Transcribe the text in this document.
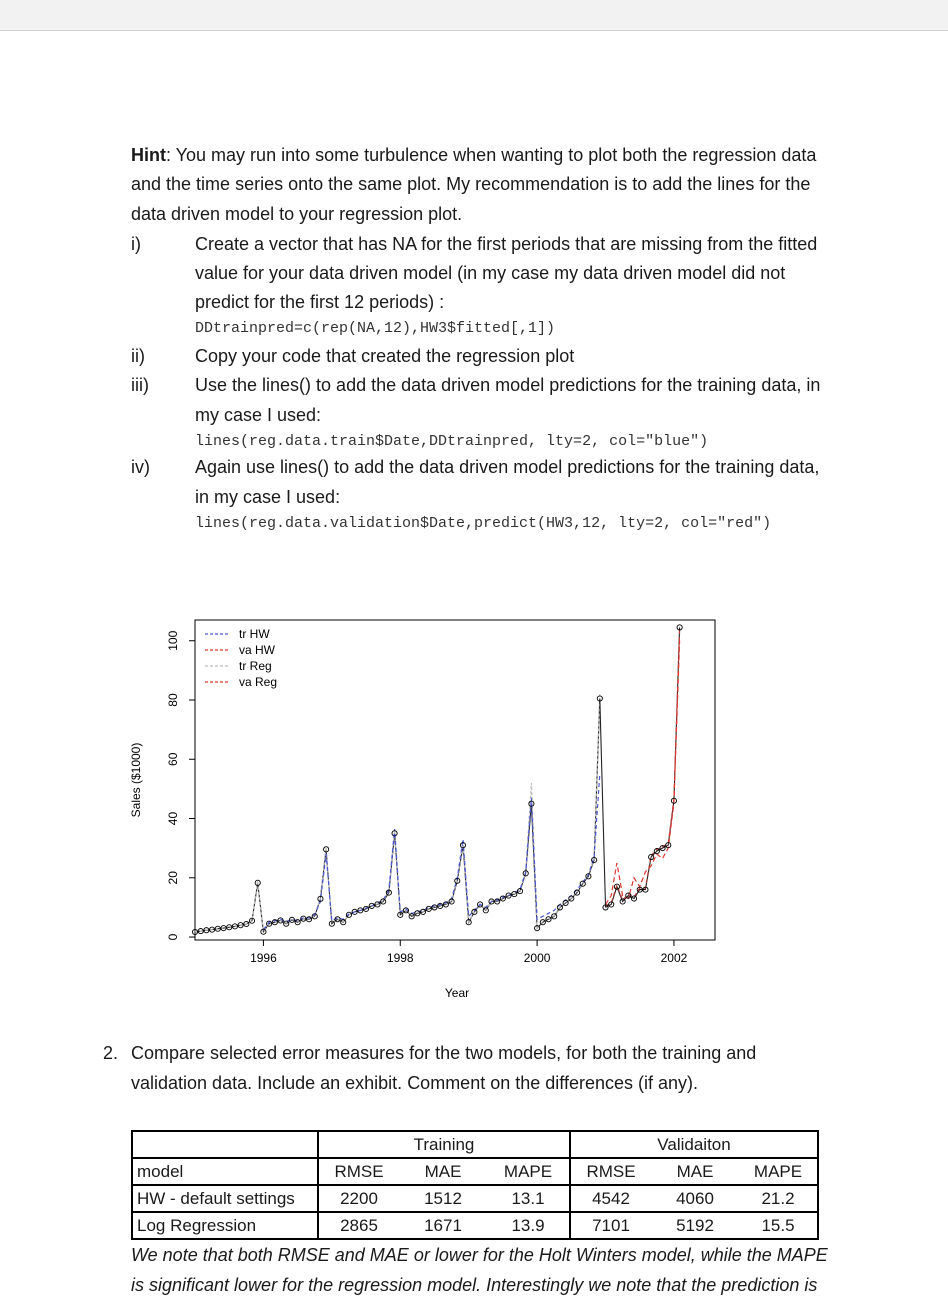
Hint: You may run into some turbulence when wanting to plot both the regression data
and the time series onto the same plot. My recommendation is to add the lines for the
data driven model to your regression plot.
i)	Create a vector that has NA for the first periods that are missing from the fitted
value for your data driven model (in my case my data driven model did not
predict for the first 12 periods) :
DDtrainpred=c(rep(NA,12),HW3$fitted[,1])
ii)	Copy your code that created the regression plot
iii)	Use the lines() to add the data driven model predictions for the training data, in
my case I used:
lines(reg.data.train$Date,DDtrainpred, lty=2, col="blue")
iv)	Again use lines() to add the data driven model predictions for the training data,
in my case I used:
lines(reg.data.validation$Date,predict(HW3,12, lty=2, col="red")
Year
Sales ($1000)
1996	1998	2000	2002
0
20
40
60
80
100	tr HW
va HW
tr Reg
va Reg
2. Compare selected error measures for the two models, for both the training and
validation data. Include an exhibit. Comment on the differences (if any).
	Training			Validaiton		
model	RMSE	MAE	MAPE	RMSE	MAE	MAPE
HW - default settings	2200	1512	13.1	4542	4060	21.2
Log Regression	2865	1671	13.9	7101	5192	15.5
We note that both RMSE and MAE or lower for the Holt Winters model, while the MAPE
is significant lower for the regression model. Interestingly we note that the prediction is
